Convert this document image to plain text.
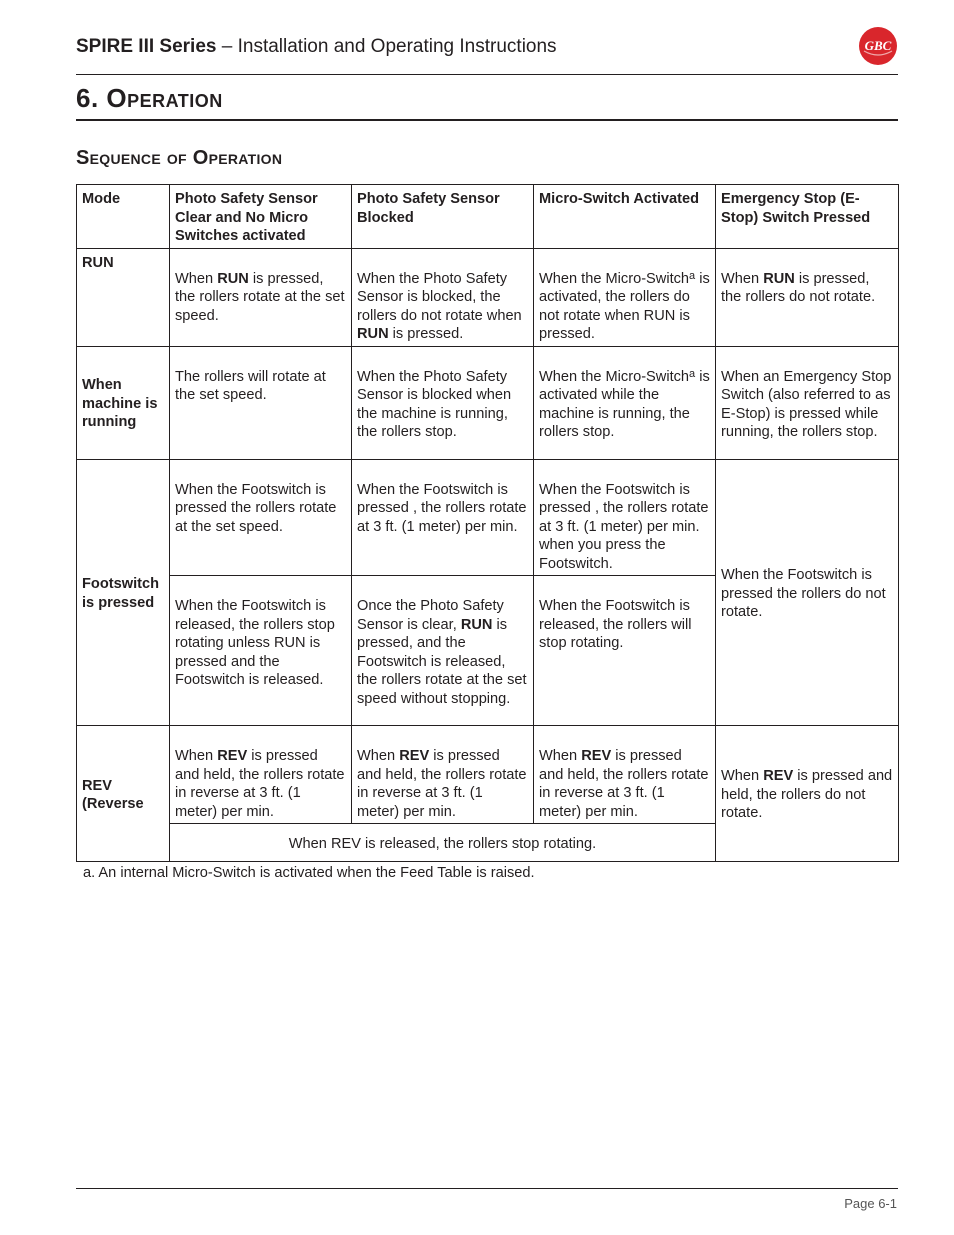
SPIRE III Series – Installation and Operating Instructions	GBC
6. Operation
Sequence of Operation
Mode	Photo Safety Sensor Clear and No Micro Switches activated	Photo Safety Sensor Blocked	Micro-Switch Activated	Emergency Stop (E-Stop) Switch Pressed
RUN	When RUN is pressed, the rollers rotate at the set speed.	When the Photo Safety Sensor is blocked, the rollers do not rotate when RUN is pressed.	When the Micro-Switch$^a$ is activated, the rollers do not rotate when RUN is pressed.	When RUN is pressed, the rollers do not rotate.
When machine is running	The rollers will rotate at the set speed.	When the Photo Safety Sensor is blocked when the machine is running, the rollers stop.	When the Micro-Switch$^a$ is activated while the machine is running, the rollers stop.	When an Emergency Stop Switch (also referred to as E-Stop) is pressed while running, the rollers stop.
Footswitch is pressed	When the Footswitch is pressed the rollers rotate at the set speed.	When the Footswitch is pressed , the rollers rotate at 3 ft. (1 meter) per min.	When the Footswitch is pressed , the rollers rotate at 3 ft. (1 meter) per min. when you press the Footswitch.	When the Footswitch is pressed the rollers do not rotate.
	When the Footswitch is released, the rollers stop rotating unless RUN is pressed and the Footswitch is released.	Once the Photo Safety Sensor is clear, RUN is pressed, and the Footswitch is released, the rollers rotate at the set speed without stopping.	When the Footswitch is released, the rollers will stop rotating.	
REV (Reverse	When REV is pressed and held, the rollers rotate in reverse at 3 ft. (1 meter) per min.	When REV is pressed and held, the rollers rotate in reverse at 3 ft. (1 meter) per min.	When REV is pressed and held, the rollers rotate in reverse at 3 ft. (1 meter) per min.	When REV is pressed and held, the rollers do not rotate.
	When REV is released, the rollers stop rotating.			
a. An internal Micro-Switch is activated when the Feed Table is raised.
Page 6-1
